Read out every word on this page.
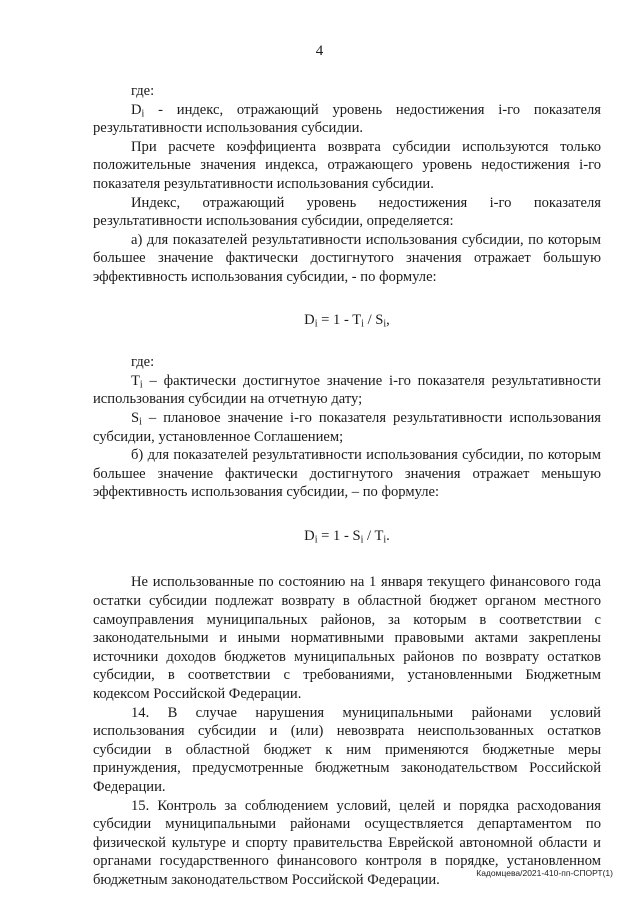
4

где:

$D_i$ - индекс, отражающий уровень недостижения i-го показателя результативности использования субсидии.

При расчете коэффициента возврата субсидии используются только положительные значения индекса, отражающего уровень недостижения i-го показателя результативности использования субсидии.

Индекс, отражающий уровень недостижения i-го показателя результативности использования субсидии, определяется:

а) для показателей результативности использования субсидии, по которым большее значение фактически достигнутого значения отражает большую эффективность использования субсидии, - по формуле:

$D_i = 1 - T_i / S_i$,

где:

$T_i$ – фактически достигнутое значение i-го показателя результативности использования субсидии на отчетную дату;

$S_i$ – плановое значение i-го показателя результативности использования субсидии, установленное Соглашением;

б) для показателей результативности использования субсидии, по которым большее значение фактически достигнутого значения отражает меньшую эффективность использования субсидии, – по формуле:

$D_i = 1 - S_i / T_i$.

Не использованные по состоянию на 1 января текущего финансового года остатки субсидии подлежат возврату в областной бюджет органом местного самоуправления муниципальных районов, за которым в соответствии с законодательными и иными нормативными правовыми актами закреплены источники доходов бюджетов муниципальных районов по возврату остатков субсидии, в соответствии с требованиями, установленными Бюджетным кодексом Российской Федерации.

14. В случае нарушения муниципальными районами условий использования субсидии и (или) невозврата неиспользованных остатков субсидии в областной бюджет к ним применяются бюджетные меры принуждения, предусмотренные бюджетным законодательством Российской Федерации.

15. Контроль за соблюдением условий, целей и порядка расходования субсидии муниципальными районами осуществляется департаментом по физической культуре и спорту правительства Еврейской автономной области и органами государственного финансового контроля в порядке, установленном бюджетным законодательством Российской Федерации.	Кадомцева/2021-410-пп-СПОРТ(1)
